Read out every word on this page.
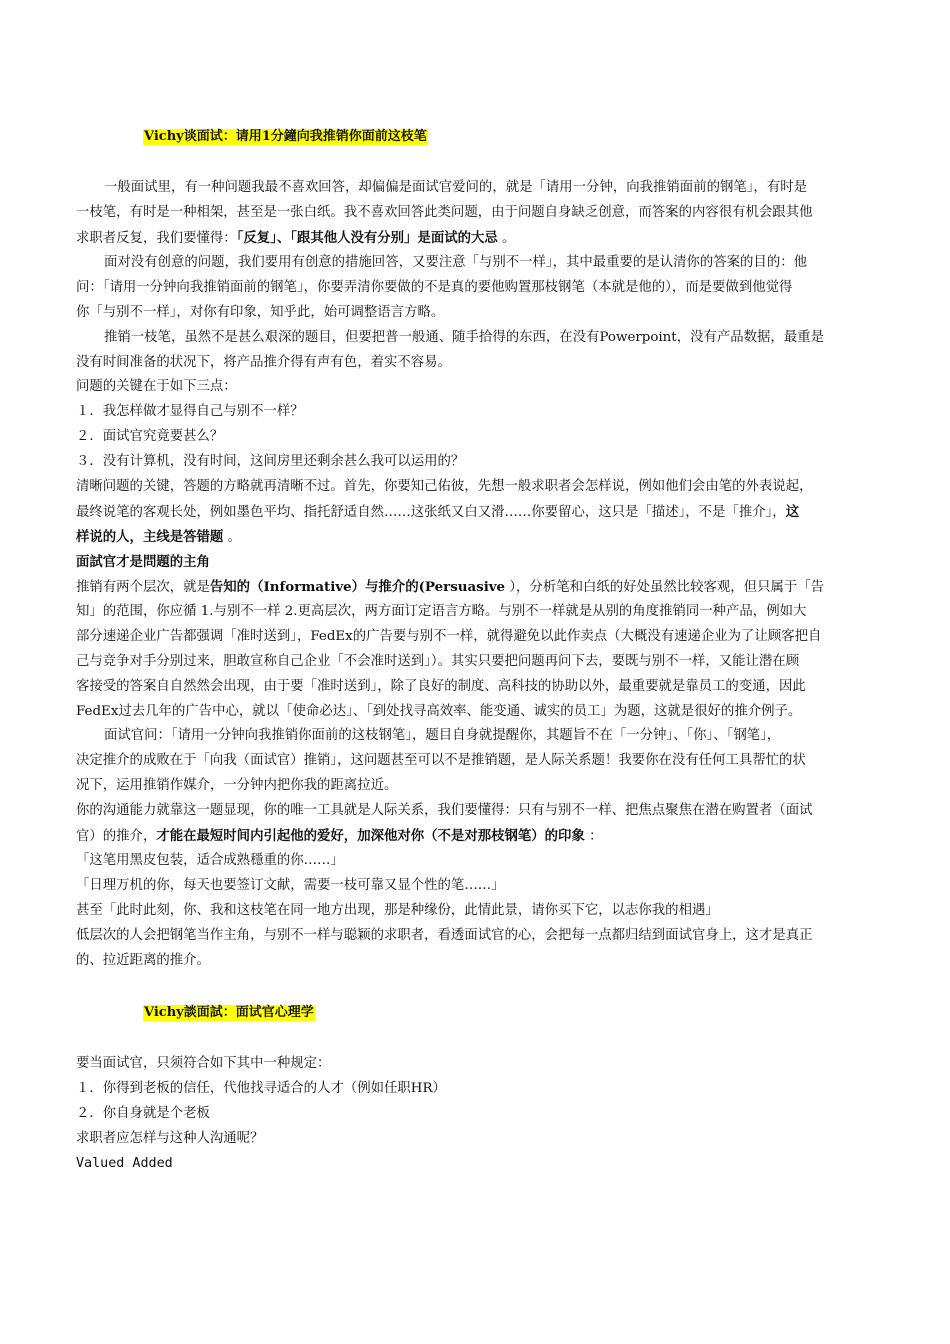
Vichy谈面试：请用1分鐘向我推销你面前这枝笔
一般面试里，有一种问题我最不喜欢回答，却偏偏是面试官爱问的，就是「请用一分钟，向我推销面前的钢笔」，有时是
一枝笔，有时是一种相架，甚至是一张白纸。我不喜欢回答此类问题，由于问题自身缺乏创意，而答案的内容很有机会跟其他
求职者反复，我们要懂得：「反复」、「跟其他人没有分别」是面试的大忌 。
面对没有创意的问题，我们要用有创意的措施回答，又要注意「与别不一样」，其中最重要的是认清你的答案的目的：他
问：「请用一分钟向我推销面前的钢笔」，你要弄清你要做的不是真的要他购置那枝钢笔（本就是他的），而是要做到他觉得
你「与别不一样」，对你有印象，知乎此，始可调整语言方略。
推销一枝笔，虽然不是甚么艰深的题目，但要把普一般通、随手拾得的东西，在没有Powerpoint，没有产品数据，最重是
没有时间准备的状况下，将产品推介得有声有色，着实不容易。
问题的关键在于如下三点：
１．我怎样做才显得自己与别不一样？
２．面试官究竟要甚么？
３．没有计算机，没有时间，这间房里还剩余甚么我可以运用的？
清晰问题的关键，答题的方略就再清晰不过。首先，你要知己佑彼，先想一般求职者会怎样说，例如他们会由笔的外表说起，
最终说笔的客观长处，例如墨色平均、指托舒适自然……这张纸又白又滑……你要留心，这只是「描述」，不是「推介」，这
样说的人，主线是答错题 。
面試官才是問題的主角
推销有两个层次，就是告知的（Informative）与推介的(Persuasive ），分析笔和白纸的好处虽然比较客观，但只属于「告
知」的范围，你应循 1.与别不一样 2.更高层次，两方面订定语言方略。与别不一样就是从别的角度推销同一种产品，例如大
部分速递企业广告都强调「准时送到」，FedEx的广告要与别不一样，就得避免以此作卖点（大概没有速递企业为了让顾客把自
己与竞争对手分别过来，胆敢宣称自己企业「不会准时送到」）。其实只要把问题再问下去，要既与别不一样，又能让潜在顾
客接受的答案自自然然会出现，由于要「准时送到」，除了良好的制度、高科技的协助以外，最重要就是靠员工的变通，因此
FedEx过去几年的广告中心，就以「使命必达」、「到处找寻高效率、能变通、诚实的员工」为题，这就是很好的推介例子。
面试官问：「请用一分钟向我推销你面前的这枝钢笔」，题目自身就提醒你，其题旨不在「一分钟」、「你」、「钢笔」，
决定推介的成败在于「向我（面试官）推销」，这问题甚至可以不是推销题，是人际关系题！我要你在没有任何工具帮忙的状
况下，运用推销作媒介，一分钟内把你我的距离拉近。
你的沟通能力就靠这一题显现，你的唯一工具就是人际关系，我们要懂得：只有与别不一样、把焦点聚焦在潜在购置者（面试
官）的推介，才能在最短时间内引起他的爱好，加深他对你（不是对那枝钢笔）的印象 ：
「这笔用黑皮包装，适合成熟穩重的你……」
「日理万机的你，每天也要签订文献，需要一枝可靠又显个性的笔……」
甚至「此时此刻，你、我和这枝笔在同一地方出现，那是种缘份，此情此景，请你买下它，以志你我的相遇」
低层次的人会把钢笔当作主角，与别不一样与聪颖的求职者，看透面试官的心，会把每一点都归结到面试官身上，这才是真正
的、拉近距离的推介。
Vichy談面試：面试官心理学
要当面试官，只须符合如下其中一种规定：
１．你得到老板的信任，代他找寻适合的人才（例如任职HR）
２．你自身就是个老板
求职者应怎样与这种人沟通呢？
Valued Added
